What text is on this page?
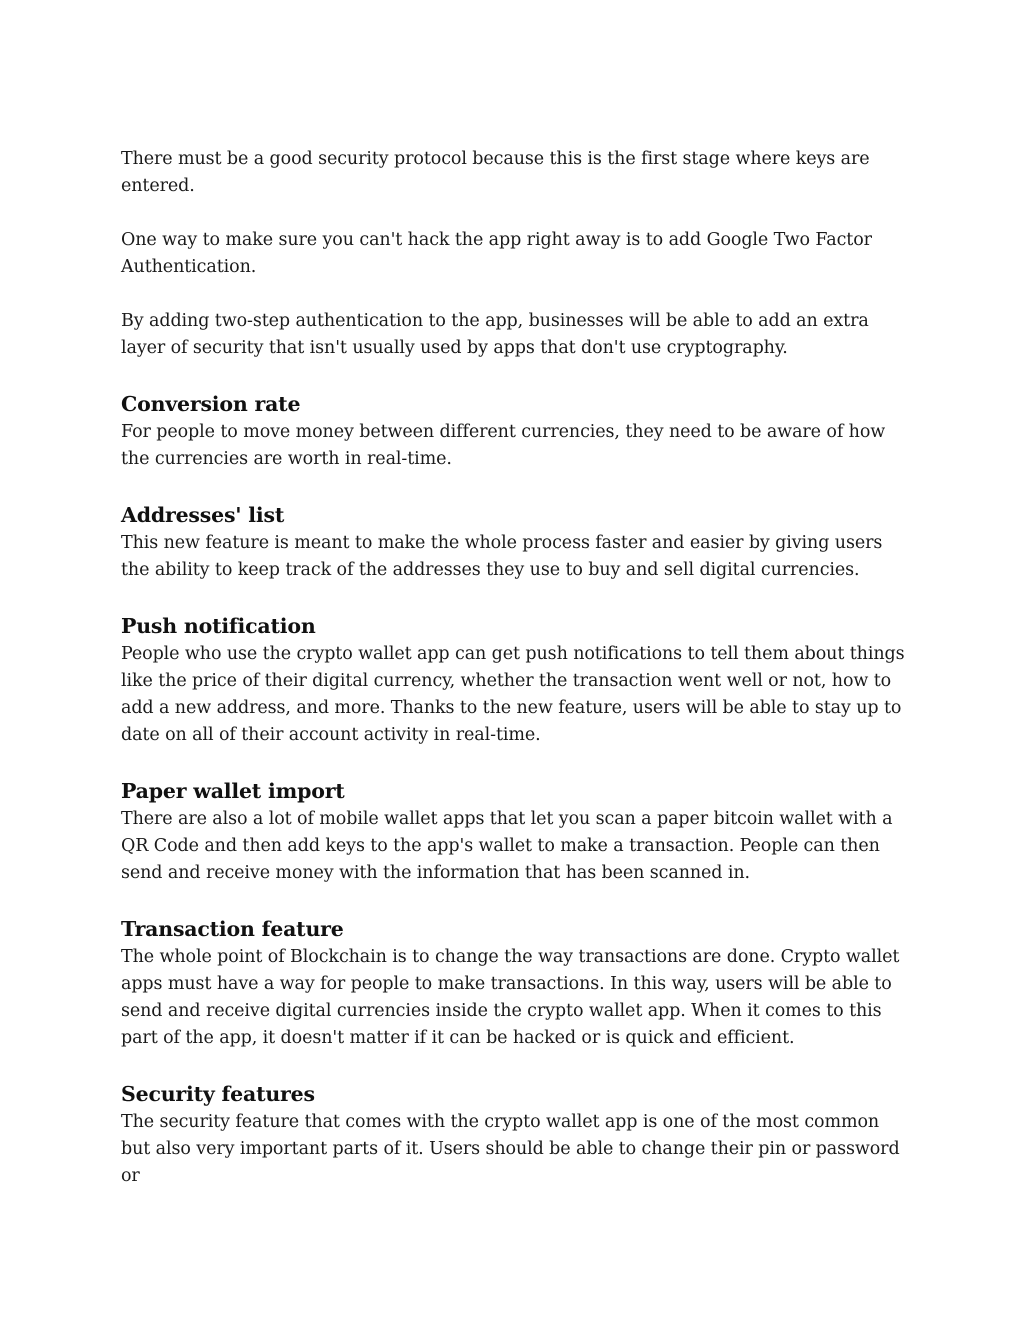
There must be a good security protocol because this is the first stage where keys are entered.

One way to make sure you can't hack the app right away is to add Google Two Factor Authentication.

By adding two-step authentication to the app, businesses will be able to add an extra layer of security that isn't usually used by apps that don't use cryptography.

Conversion rate

For people to move money between different currencies, they need to be aware of how the currencies are worth in real-time.

Addresses' list

This new feature is meant to make the whole process faster and easier by giving users the ability to keep track of the addresses they use to buy and sell digital currencies.

Push notification

People who use the crypto wallet app can get push notifications to tell them about things like the price of their digital currency, whether the transaction went well or not, how to add a new address, and more. Thanks to the new feature, users will be able to stay up to date on all of their account activity in real-time.

Paper wallet import

There are also a lot of mobile wallet apps that let you scan a paper bitcoin wallet with a QR Code and then add keys to the app's wallet to make a transaction. People can then send and receive money with the information that has been scanned in.

Transaction feature

The whole point of Blockchain is to change the way transactions are done. Crypto wallet apps must have a way for people to make transactions. In this way, users will be able to send and receive digital currencies inside the crypto wallet app. When it comes to this part of the app, it doesn't matter if it can be hacked or is quick and efficient.

Security features

The security feature that comes with the crypto wallet app is one of the most common but also very important parts of it. Users should be able to change their pin or password or
